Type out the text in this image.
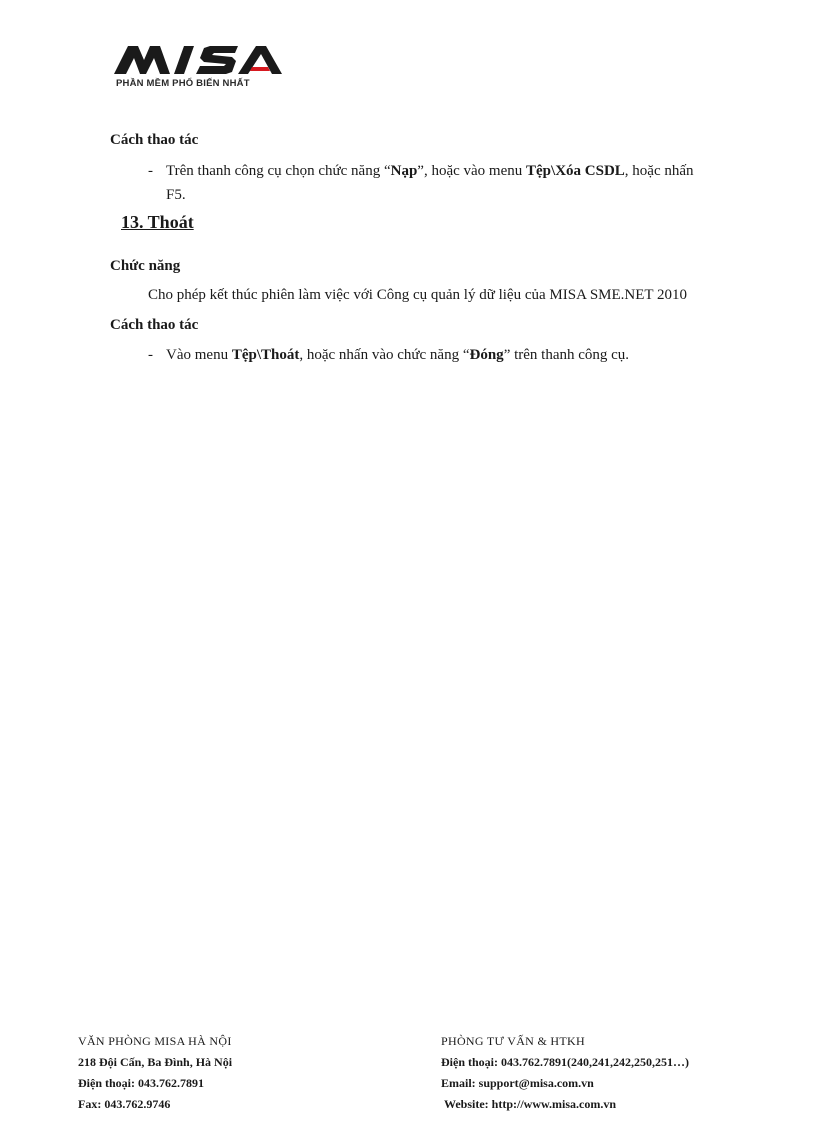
PHẦN MỀM PHỔ BIẾN NHẤT
Cách thao tác
- Trên thanh công cụ chọn chức năng “Nạp”, hoặc vào menu Tệp\Xóa CSDL, hoặc nhấn
F5.
13. Thoát
Chức năng
Cho phép kết thúc phiên làm việc với Công cụ quản lý dữ liệu của MISA SME.NET 2010
Cách thao tác
- Vào menu Tệp\Thoát, hoặc nhấn vào chức năng “Đóng” trên thanh công cụ.
VĂN PHÒNG MISA HÀ NỘI
218 Đội Cấn, Ba Đình, Hà Nội
Điện thoại: 043.762.7891
Fax: 043.762.9746
PHÒNG TƯ VẤN & HTKH
Điện thoại: 043.762.7891(240,241,242,250,251…)
Email: support@misa.com.vn
Website: http://www.misa.com.vn
